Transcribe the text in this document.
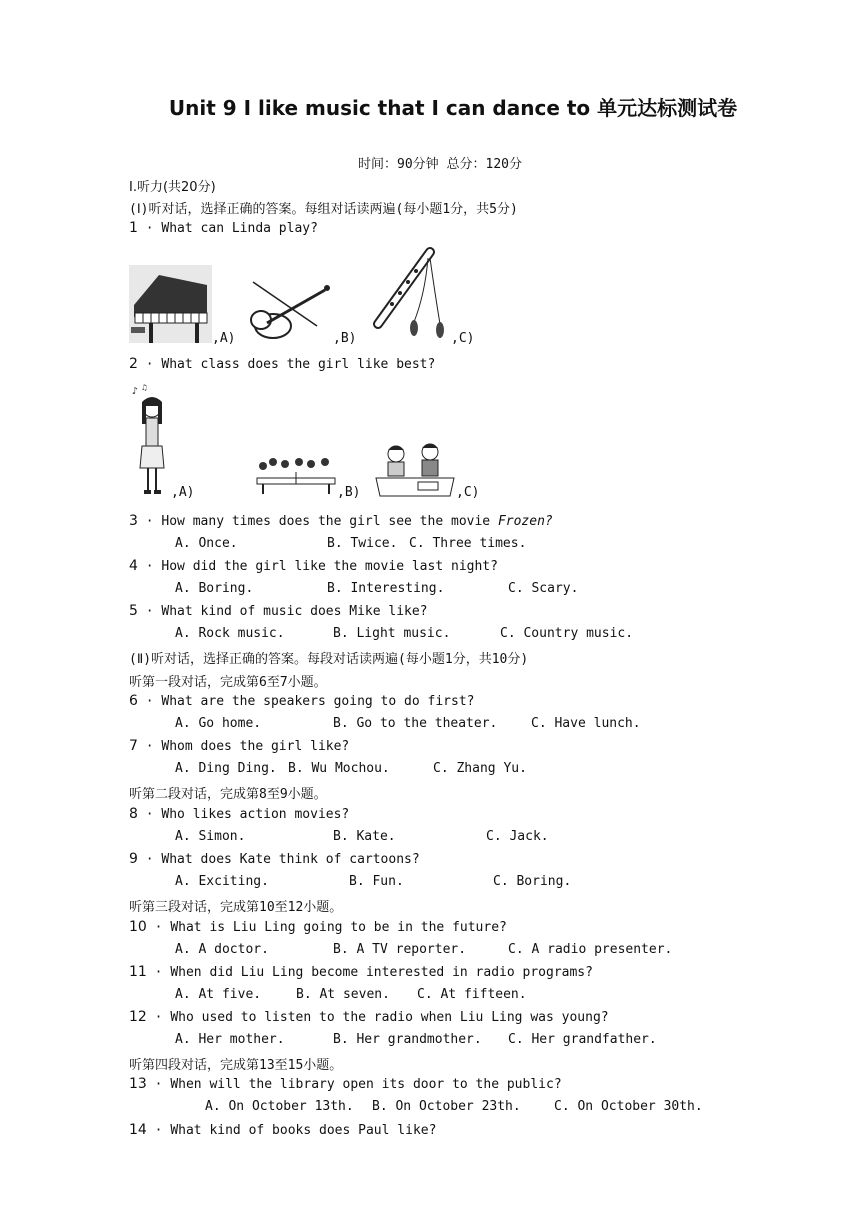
Unit 9 I like music that I can dance to 单元达标测试卷
时间：90分钟 总分：120分
Ⅰ.听力(共20分)
(Ⅰ)听对话，选择正确的答案。每组对话读两遍(每小题1分，共5分)
1 · What can Linda play?
,A)	,B)	,C)
2 · What class does the girl like best?
♪ ♫
,A)	,B)	,C)
3 · How many times does the girl see the movie Frozen?
A. Once.	B. Twice. C. Three times.
4 · How did the girl like the movie last night?
A. Boring.	B. Interesting.	C. Scary.
5 · What kind of music does Mike like?
A. Rock music.	B. Light music.	C. Country music.
(Ⅱ)听对话，选择正确的答案。每段对话读两遍(每小题1分，共10分)
听第一段对话，完成第6至7小题。
6 · What are the speakers going to do first?
A. Go home.	B. Go to the theater.	C. Have lunch.
7 · Whom does the girl like?
A. Ding Ding. B. Wu Mochou.	C. Zhang Yu.
听第二段对话，完成第8至9小题。
8 · Who likes action movies?
A. Simon.	B. Kate.	C. Jack.
9 · What does Kate think of cartoons?
A. Exciting.	B. Fun.	C. Boring.
听第三段对话，完成第10至12小题。
10 · What is Liu Ling going to be in the future?
A. A doctor.	B. A TV reporter.	C. A radio presenter.
11 · When did Liu Ling become interested in radio programs?
A. At five.	B. At seven. C. At fifteen.
12 · Who used to listen to the radio when Liu Ling was young?
A. Her mother.	B. Her grandmother. C. Her grandfather.
听第四段对话，完成第13至15小题。
13 · When will the library open its door to the public?
A. On October 13th. B. On October 23th.	C. On October 30th.
14 · What kind of books does Paul like?
